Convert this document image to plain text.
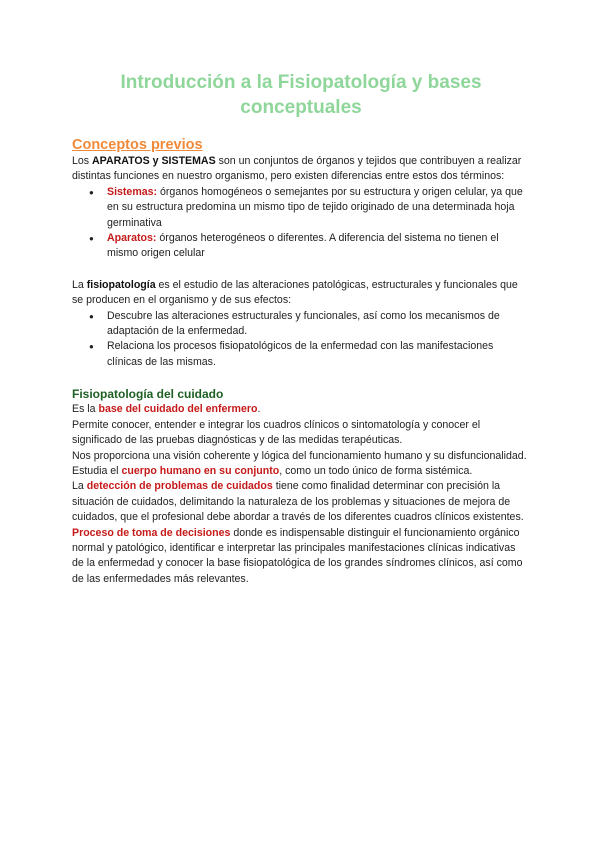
Introducción a la Fisiopatología y bases conceptuales
Conceptos previos

Los APARATOS y SISTEMAS son un conjuntos de órganos y tejidos que contribuyen a realizar distintas funciones en nuestro organismo, pero existen diferencias entre estos dos términos:

● Sistemas: órganos homogéneos o semejantes por su estructura y origen celular, ya que en su estructura predomina un mismo tipo de tejido originado de una determinada hoja germinativa
● Aparatos: órganos heterogéneos o diferentes. A diferencia del sistema no tienen el mismo origen celular

La fisiopatología es el estudio de las alteraciones patológicas, estructurales y funcionales que se producen en el organismo y de sus efectos:

● Descubre las alteraciones estructurales y funcionales, así como los mecanismos de adaptación de la enfermedad.
● Relaciona los procesos fisiopatológicos de la enfermedad con las manifestaciones clínicas de las mismas.
Fisiopatología del cuidado

Es la base del cuidado del enfermero.

Permite conocer, entender e integrar los cuadros clínicos o sintomatología y conocer el significado de las pruebas diagnósticas y de las medidas terapéuticas.

Nos proporciona una visión coherente y lógica del funcionamiento humano y su disfuncionalidad.

Estudia el cuerpo humano en su conjunto, como un todo único de forma sistémica.

La detección de problemas de cuidados tiene como finalidad determinar con precisión la situación de cuidados, delimitando la naturaleza de los problemas y situaciones de mejora de cuidados, que el profesional debe abordar a través de los diferentes cuadros clínicos existentes. Proceso de toma de decisiones donde es indispensable distinguir el funcionamiento orgánico normal y patológico, identificar e interpretar las principales manifestaciones clínicas indicativas de la enfermedad y conocer la base fisiopatológica de los grandes síndromes clínicos, así como de las enfermedades más relevantes.
